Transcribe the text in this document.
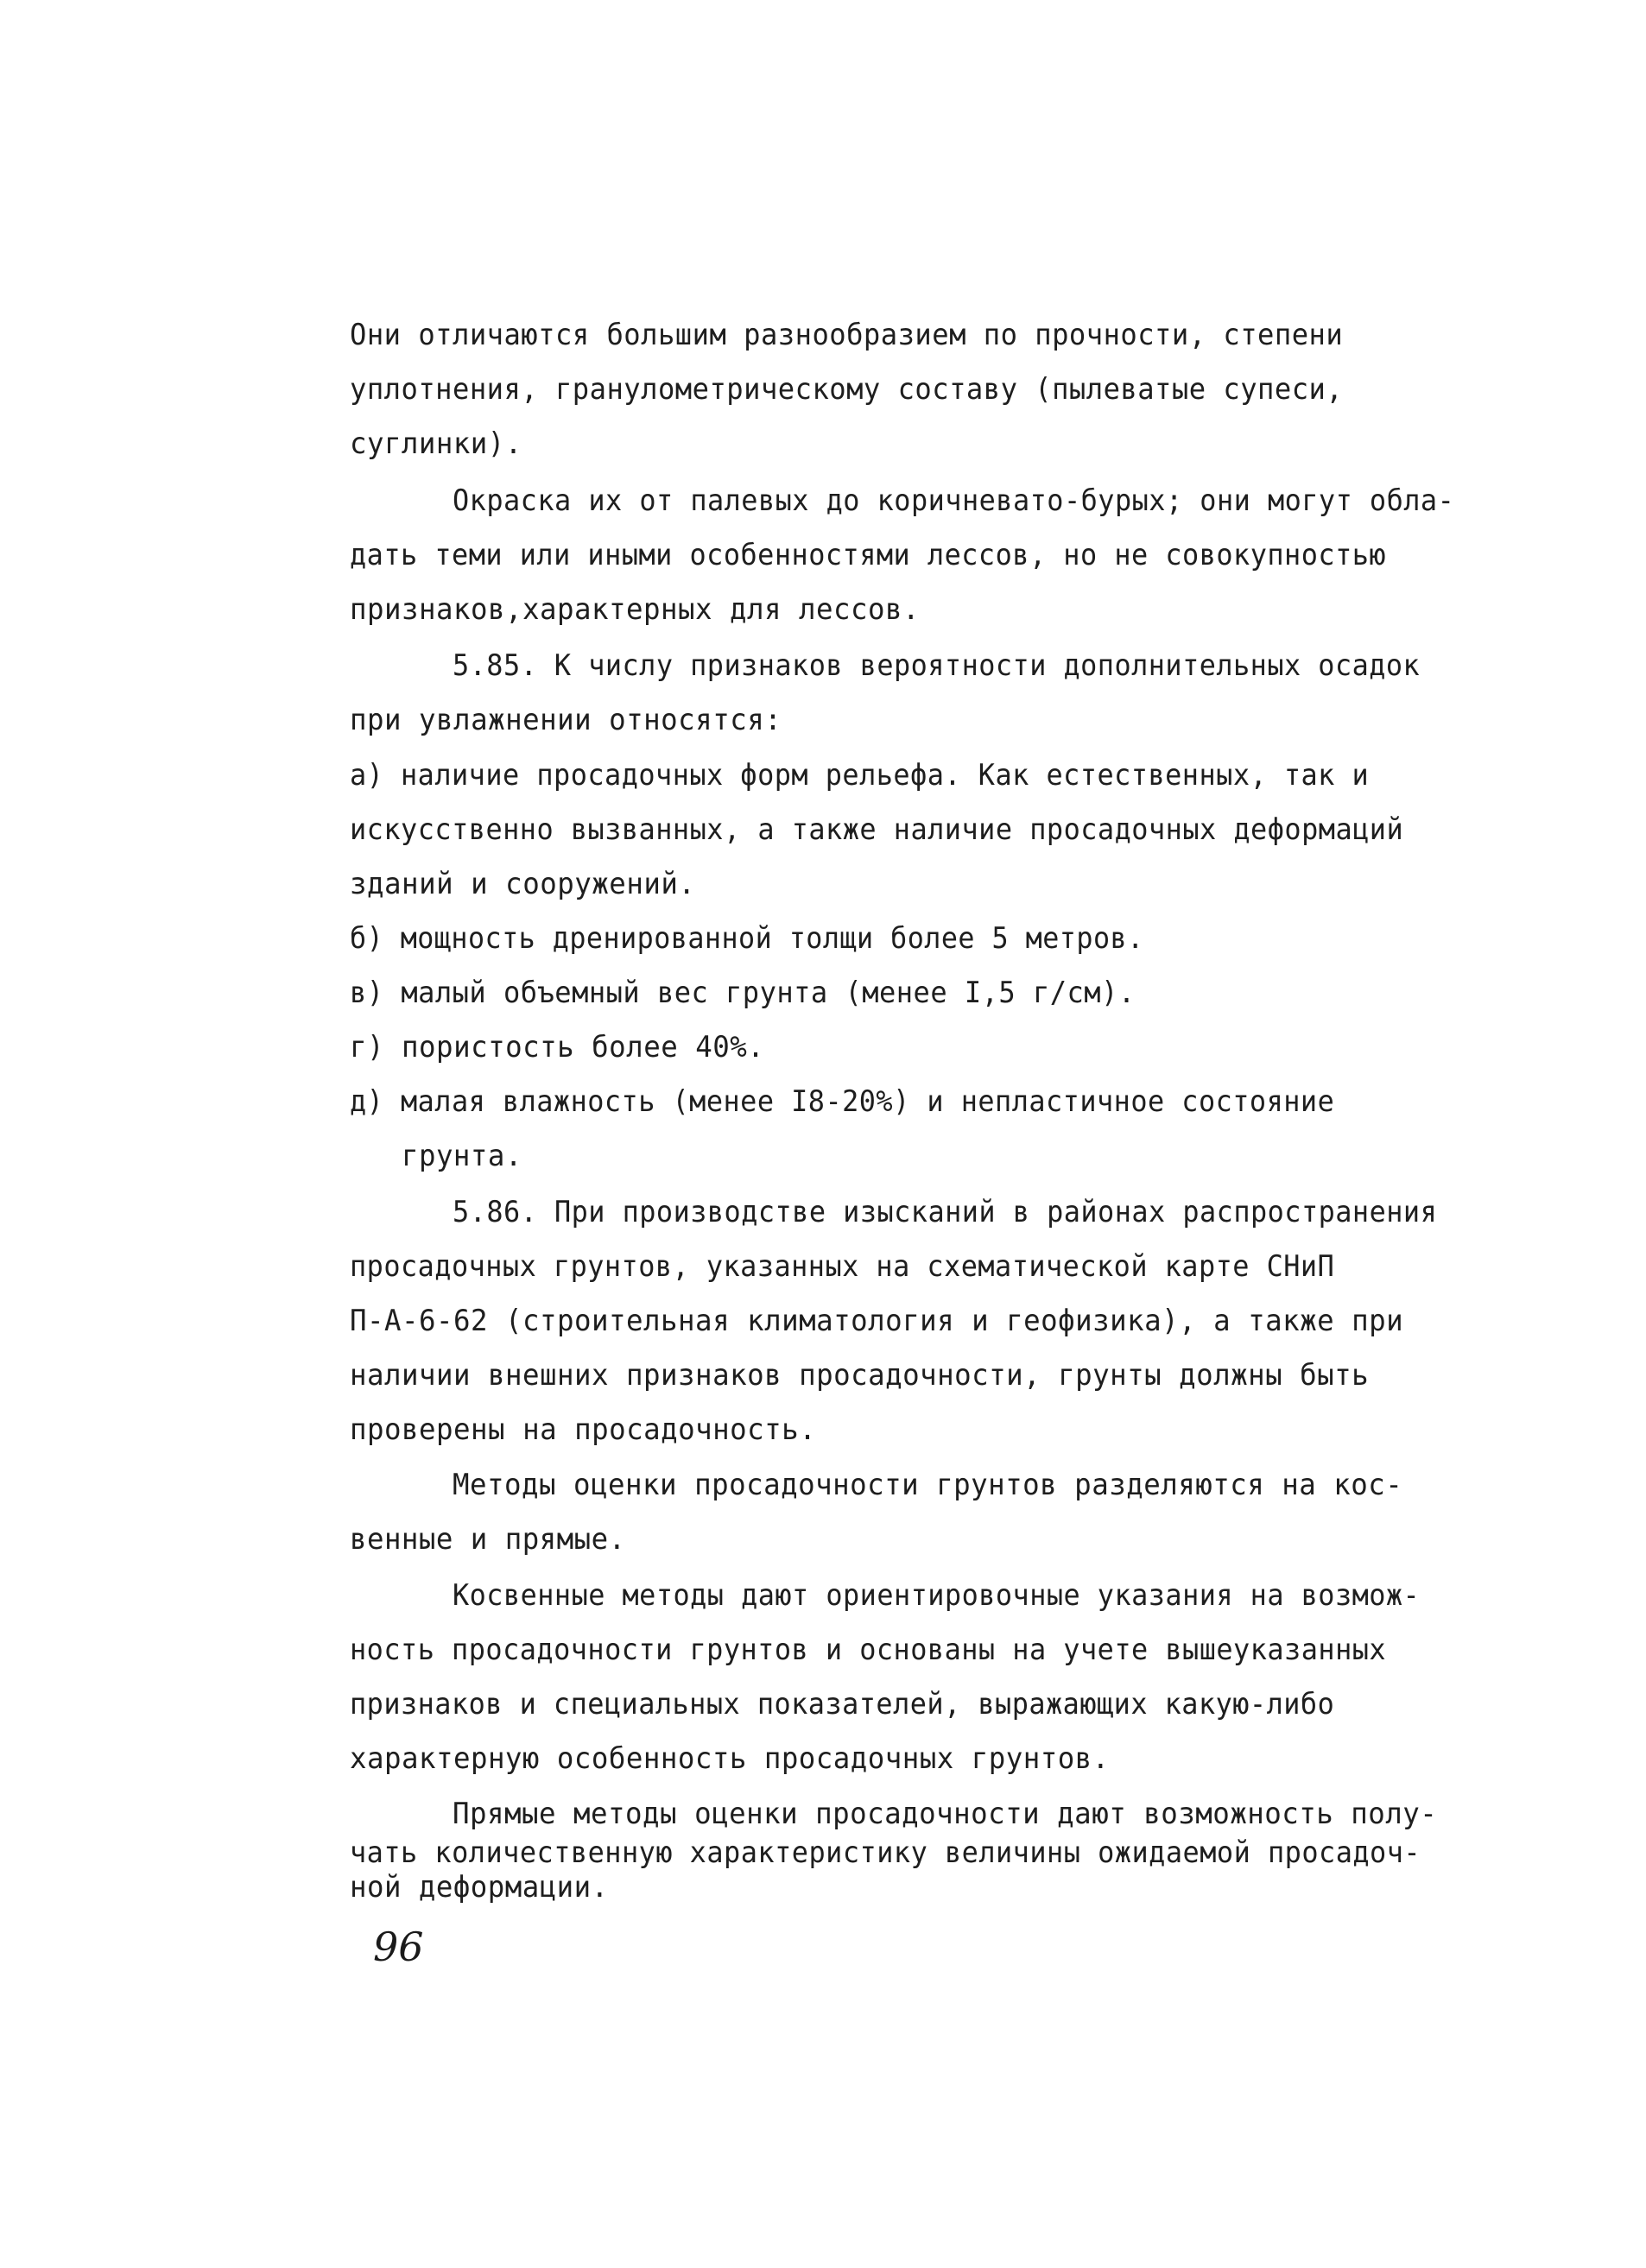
Они отличаются большим разнообразием по прочности, степени
уплотнения, гранулометрическому составу (пылеватые супеси,
суглинки).
Окраска их от палевых до коричневато-бурых; они могут обла-
дать теми или иными особенностями лессов, но не совокупностью
признаков,характерных для лессов.
5.85. К числу признаков вероятности дополнительных осадок
при увлажнении относятся:
а) наличие просадочных форм рельефа. Как естественных, так и
искусственно вызванных, а также наличие просадочных деформаций
зданий и сооружений.
б) мощность дренированной толщи более 5 метров.
в) малый объемный вес грунта (менее I,5 г/см).
г) пористость более 40%.
д) малая влажность (менее I8-20%) и непластичное состояние
грунта.
5.86. При производстве изысканий в районах распространения
просадочных грунтов, указанных на схематической карте СНиП
П-А-6-62 (строительная климатология и геофизика), а также при
наличии внешних признаков просадочности, грунты должны быть
проверены на просадочность.
Методы оценки просадочности грунтов разделяются на кос-
венные и прямые.
Косвенные методы дают ориентировочные указания на возмож-
ность просадочности грунтов и основаны на учете вышеуказанных
признаков и специальных показателей, выражающих какую-либо
характерную особенность просадочных грунтов.
Прямые методы оценки просадочности дают возможность полу-
чать количественную характеристику величины ожидаемой просадоч-
ной деформации.
96
